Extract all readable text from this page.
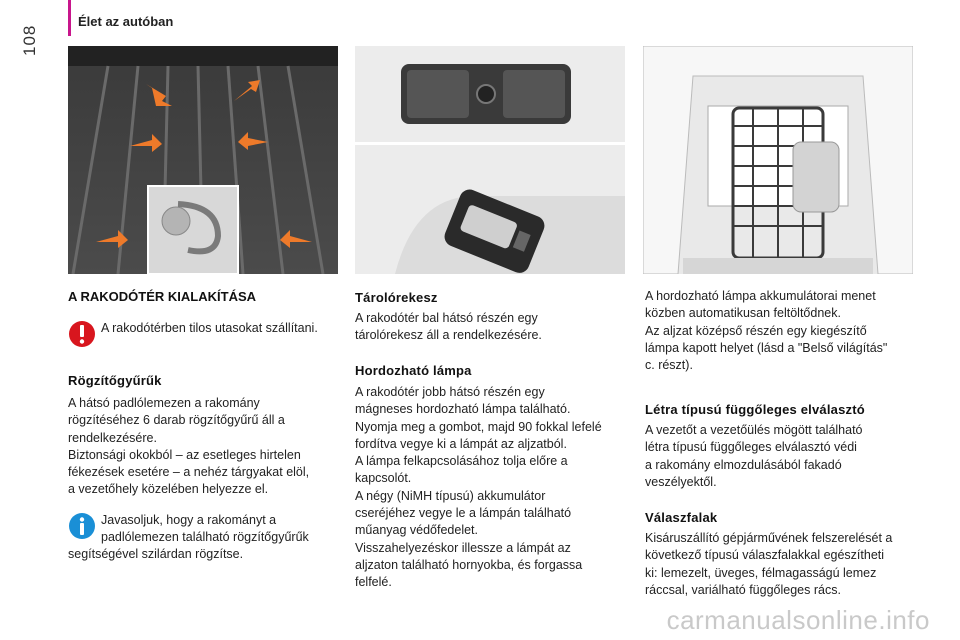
108
Élet az autóban
A RAKODÓTÉR KIALAKÍTÁSA
A rakodótérben tilos utasokat szállítani.
Rögzítőgyűrűk

A hátsó padlólemezen a rakomány

rögzítéséhez 6 darab rögzítőgyűrű áll a

rendelkezésére.

Biztonsági okokból – az esetleges hirtelen

fékezések esetére – a nehéz tárgyakat elöl,

a vezetőhely közelében helyezze el.

Javasoljuk, hogy a rakományt a

padlólemezen található rögzítőgyűrűk

segítségével szilárdan rögzítse.
Tárolórekesz

A rakodótér bal hátsó részén egy

tárolórekesz áll a rendelkezésére.

Hordozható lámpa

A rakodótér jobb hátsó részén egy

mágneses hordozható lámpa található.

Nyomja meg a gombot, majd 90 fokkal lefelé

fordítva vegye ki a lámpát az aljzatból.

A lámpa felkapcsolásához tolja előre a

kapcsolót.

A négy (NiMH típusú) akkumulátor

cseréjéhez vegye le a lámpán található

műanyag védőfedelet.

Visszahelyezéskor illessze a lámpát az

aljzaton található hornyokba, és forgassa

felfelé.

A hordozható lámpa akkumulátorai menet

közben automatikusan feltöltődnek.

Az aljzat középső részén egy kiegészítő

lámpa kapott helyet (lásd a "Belső világítás"

c. részt).

Létra típusú függőleges elválasztó

A vezetőt a vezetőülés mögött található

létra típusú függőleges elválasztó védi

a rakomány elmozdulásából fakadó

veszélyektől.

Válaszfalak

Kisáruszállító gépjárművének felszerelését a

következő típusú válaszfalakkal egészítheti

ki: lemezelt, üveges, félmagasságú lemez

ráccsal, variálható függőleges rács.

carmanualsonline.info
